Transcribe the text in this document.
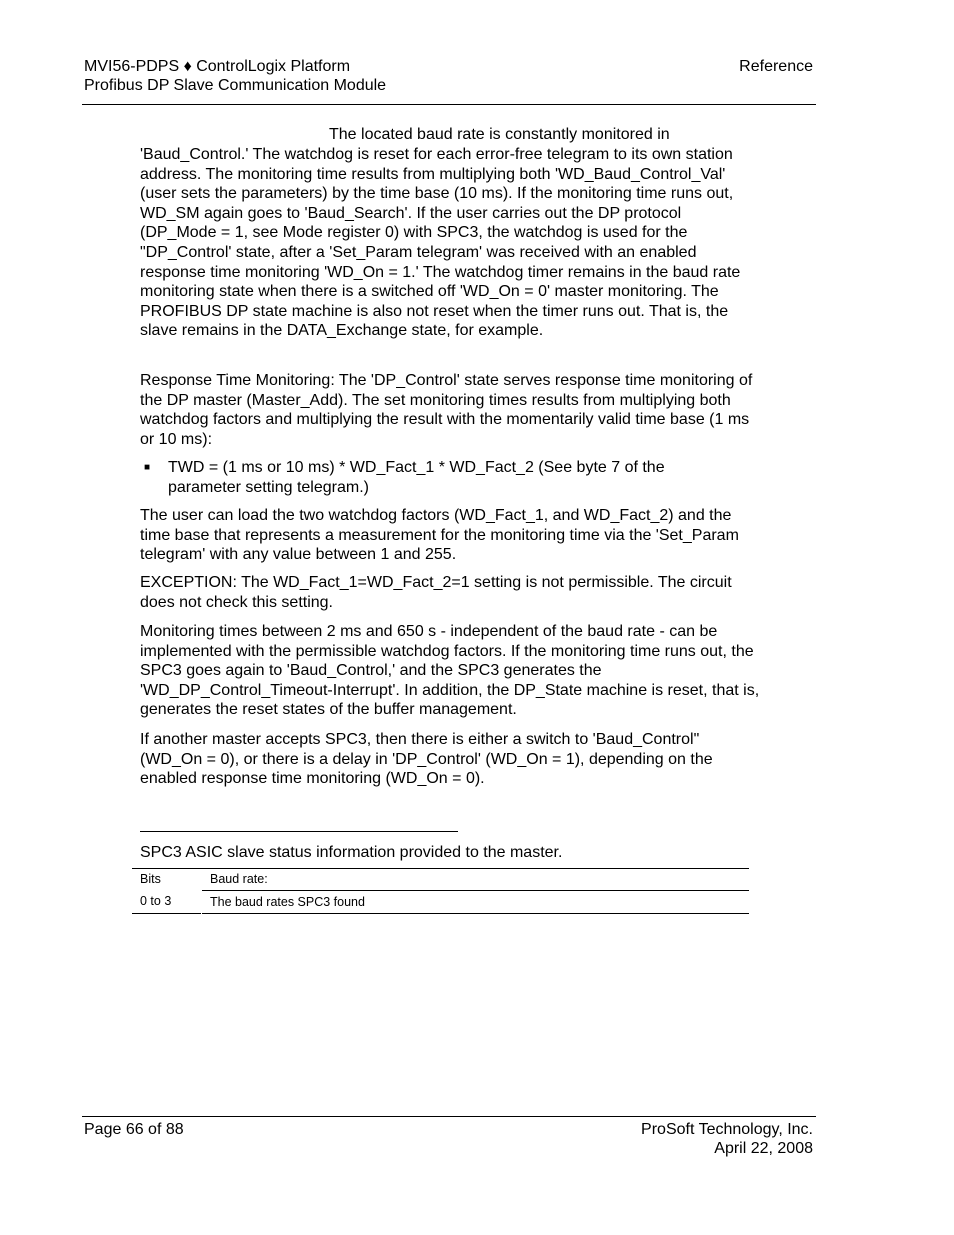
MVI56-PDPS ♦ ControlLogix Platform
Profibus DP Slave Communication Module
Reference
The located baud rate is constantly monitored in
'Baud_Control.' The watchdog is reset for each error-free telegram to its own station address. The monitoring time results from multiplying both 'WD_Baud_Control_Val' (user sets the parameters) by the time base (10 ms). If the monitoring time runs out, WD_SM again goes to 'Baud_Search'. If the user carries out the DP protocol (DP_Mode = 1, see Mode register 0) with SPC3, the watchdog is used for the "DP_Control' state, after a 'Set_Param telegram' was received with an enabled response time monitoring 'WD_On = 1.' The watchdog timer remains in the baud rate monitoring state when there is a switched off 'WD_On = 0' master monitoring. The PROFIBUS DP state machine is also not reset when the timer runs out. That is, the slave remains in the DATA_Exchange state, for example.
Response Time Monitoring: The 'DP_Control' state serves response time monitoring of the DP master (Master_Add). The set monitoring times results from multiplying both watchdog factors and multiplying the result with the momentarily valid time base (1 ms or 10 ms):
■ TWD = (1 ms or 10 ms) * WD_Fact_1 * WD_Fact_2 (See byte 7 of the parameter setting telegram.)
The user can load the two watchdog factors (WD_Fact_1, and WD_Fact_2) and the time base that represents a measurement for the monitoring time via the 'Set_Param telegram' with any value between 1 and 255.
EXCEPTION: The WD_Fact_1=WD_Fact_2=1 setting is not permissible. The circuit does not check this setting.
Monitoring times between 2 ms and 650 s - independent of the baud rate - can be implemented with the permissible watchdog factors. If the monitoring time runs out, the SPC3 goes again to 'Baud_Control,' and the SPC3 generates the 'WD_DP_Control_Timeout-Interrupt'. In addition, the DP_State machine is reset, that is, generates the reset states of the buffer management.
If another master accepts SPC3, then there is either a switch to 'Baud_Control" (WD_On = 0), or there is a delay in 'DP_Control' (WD_On = 1), depending on the enabled response time monitoring (WD_On = 0).
SPC3 ASIC slave status information provided to the master.
Bits	Baud rate:
0 to 3	The baud rates SPC3 found
Page 66 of 88	ProSoft Technology, Inc.
April 22, 2008
